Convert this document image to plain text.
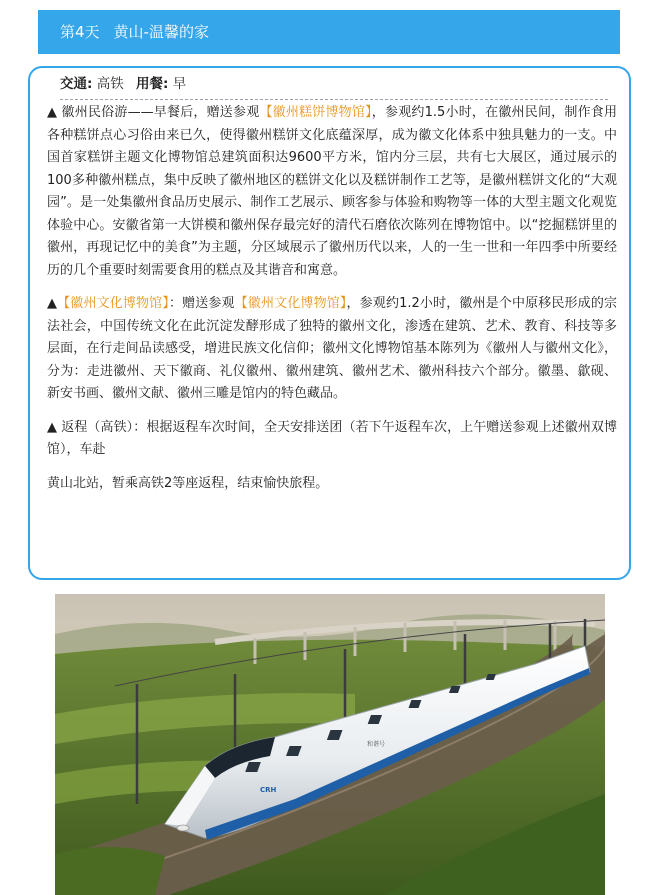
第4天 黄山-温馨的家
交通: 高铁 用餐: 早

▲ 徽州民俗游——早餐后，赠送参观【徽州糕饼博物馆】，参观约1.5小时，在徽州民间，制作食用各种糕饼点心习俗由来已久，使得徽州糕饼文化底蕴深厚，成为徽文化体系中独具魅力的一支。中国首家糕饼主题文化博物馆总建筑面积达9600平方米，馆内分三层，共有七大展区，通过展示的100多种徽州糕点，集中反映了徽州地区的糕饼文化以及糕饼制作工艺等，是徽州糕饼文化的“大观园”。是一处集徽州食品历史展示、制作工艺展示、顾客参与体验和购物等一体的大型主题文化观览体验中心。安徽省第一大饼模和徽州保存最完好的清代石磨依次陈列在博物馆中。以“挖掘糕饼里的徽州，再现记忆中的美食”为主题，分区域展示了徽州历代以来，人的一生一世和一年四季中所要经历的几个重要时刻需要食用的糕点及其谐音和寓意。

▲【徽州文化博物馆】：赠送参观【徽州文化博物馆】，参观约1.2小时，徽州是个中原移民形成的宗法社会，中国传统文化在此沉淀发酵形成了独特的徽州文化，渗透在建筑、艺术、教育、科技等多层面，在行走间品读感受，增进民族文化信仰；徽州文化博物馆基本陈列为《徽州人与徽州文化》，分为：走进徽州、天下徽商、礼仪徽州、徽州建筑、徽州艺术、徽州科技六个部分。徽墨、歙砚、新安书画、徽州文献、徽州三雕是馆内的特色藏品。

▲ 返程（高铁）：根据返程车次时间，全天安排送团（若下午返程车次，上午赠送参观上述徽州双博馆），车赴

黄山北站，暂乘高铁2等座返程，结束愉快旅程。

CRH
和谐号
